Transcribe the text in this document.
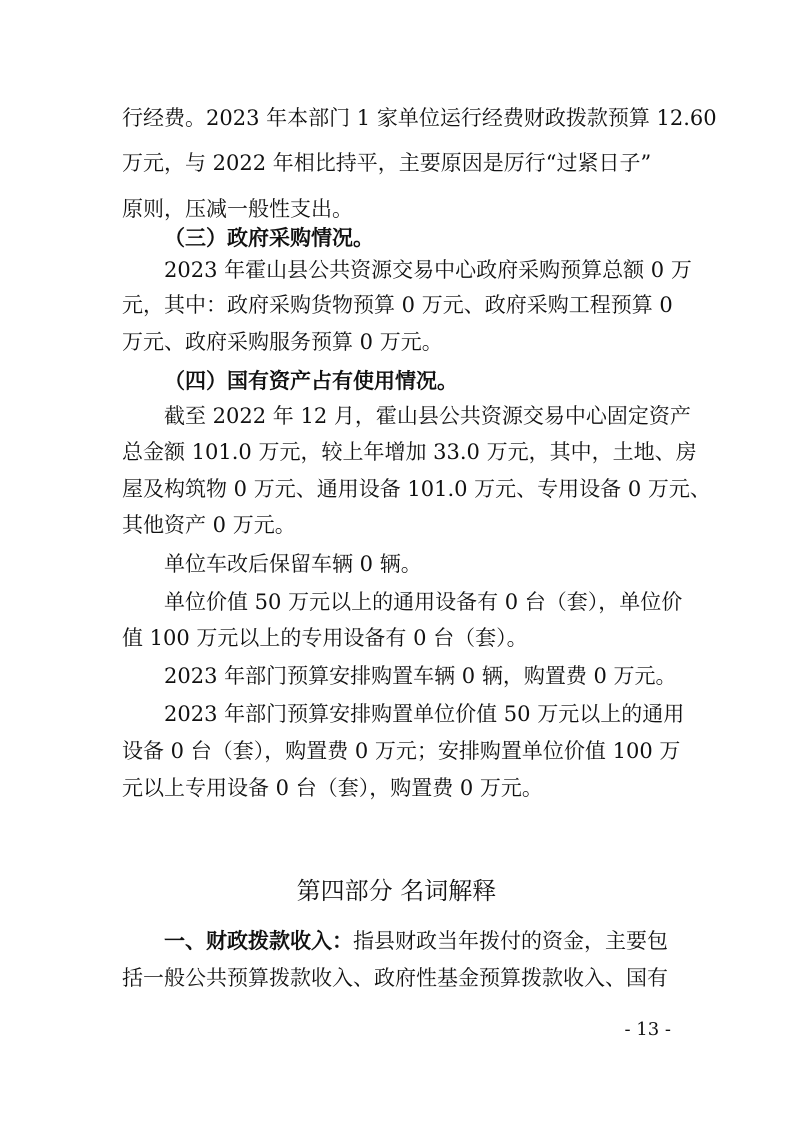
行经费。2023 年本部门 1 家单位运行经费财政拨款预算 12.60
万元，与 2022 年相比持平，主要原因是厉行“过紧日子”
原则，压减一般性支出。
（三）政府采购情况。
2023 年霍山县公共资源交易中心政府采购预算总额 0 万
元，其中：政府采购货物预算 0 万元、政府采购工程预算 0
万元、政府采购服务预算 0 万元。
（四）国有资产占有使用情况。
截至 2022 年 12 月，霍山县公共资源交易中心固定资产
总金额 101.0 万元，较上年增加 33.0 万元，其中，土地、房
屋及构筑物 0 万元、通用设备 101.0 万元、专用设备 0 万元、
其他资产 0 万元。
单位车改后保留车辆 0 辆。
单位价值 50 万元以上的通用设备有 0 台（套），单位价
值 100 万元以上的专用设备有 0 台（套）。
2023 年部门预算安排购置车辆 0 辆，购置费 0 万元。
2023 年部门预算安排购置单位价值 50 万元以上的通用
设备 0 台（套），购置费 0 万元；安排购置单位价值 100 万
元以上专用设备 0 台（套），购置费 0 万元。
第四部分 名词解释
一、财政拨款收入：指县财政当年拨付的资金，主要包
括一般公共预算拨款收入、政府性基金预算拨款收入、国有
- 13 -
